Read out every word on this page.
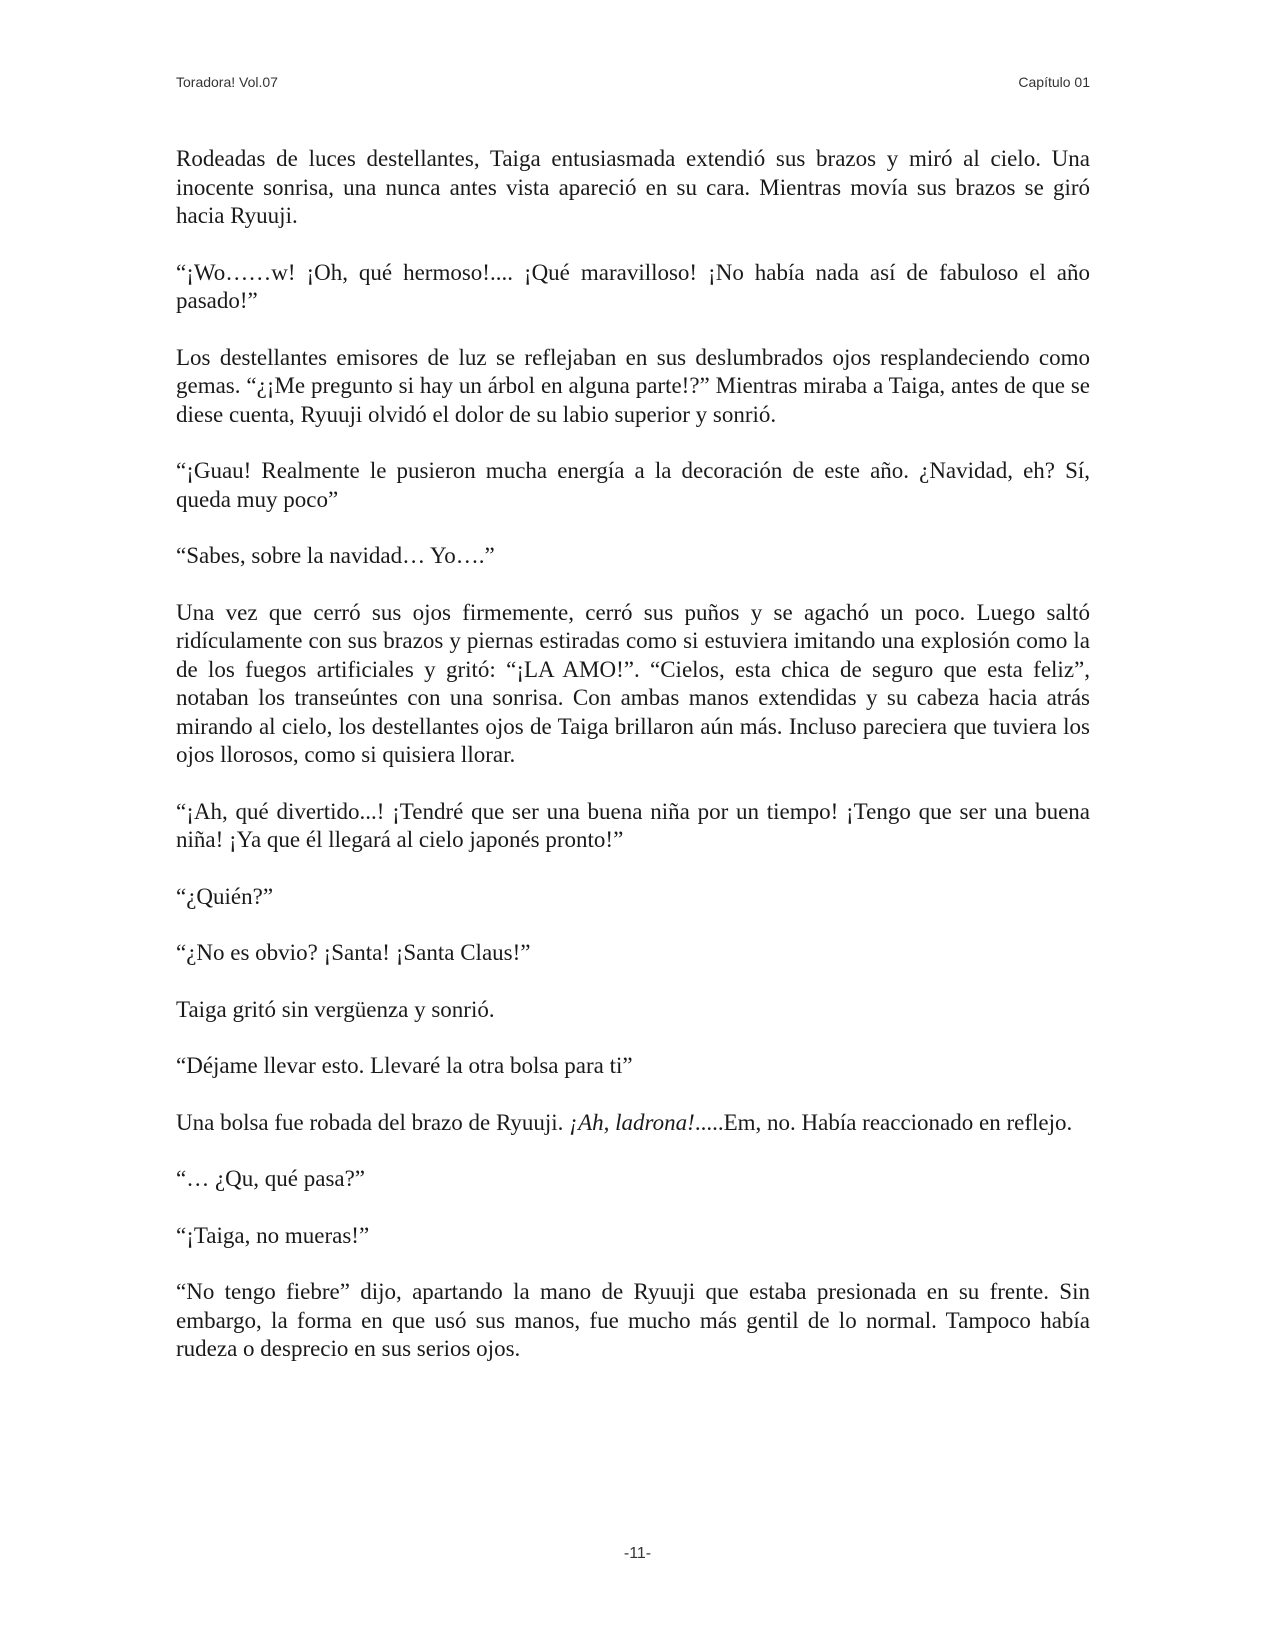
Toradora! Vol.07	Capítulo 01

Rodeadas de luces destellantes, Taiga entusiasmada extendió sus brazos y miró al cielo. Una inocente sonrisa, una nunca antes vista apareció en su cara. Mientras movía sus brazos se giró hacia Ryuuji.

“¡Wo……w! ¡Oh, qué hermoso!.... ¡Qué maravilloso! ¡No había nada así de fabuloso el año pasado!”

Los destellantes emisores de luz se reflejaban en sus deslumbrados ojos resplandeciendo como gemas. “¿¡Me pregunto si hay un árbol en alguna parte!?” Mientras miraba a Taiga, antes de que se diese cuenta, Ryuuji olvidó el dolor de su labio superior y sonrió.

“¡Guau! Realmente le pusieron mucha energía a la decoración de este año. ¿Navidad, eh? Sí, queda muy poco”

“Sabes, sobre la navidad… Yo….”

Una vez que cerró sus ojos firmemente, cerró sus puños y se agachó un poco. Luego saltó ridículamente con sus brazos y piernas estiradas como si estuviera imitando una explosión como la de los fuegos artificiales y gritó: “¡LA AMO!”. “Cielos, esta chica de seguro que esta feliz”, notaban los transeúntes con una sonrisa. Con ambas manos extendidas y su cabeza hacia atrás mirando al cielo, los destellantes ojos de Taiga brillaron aún más. Incluso pareciera que tuviera los ojos llorosos, como si quisiera llorar.

“¡Ah, qué divertido...! ¡Tendré que ser una buena niña por un tiempo! ¡Tengo que ser una buena niña! ¡Ya que él llegará al cielo japonés pronto!”

“¿Quién?”

“¿No es obvio? ¡Santa! ¡Santa Claus!”

Taiga gritó sin vergüenza y sonrió.

“Déjame llevar esto. Llevaré la otra bolsa para ti”

Una bolsa fue robada del brazo de Ryuuji. ¡Ah, ladrona!.....Em, no. Había reaccionado en reflejo.

“… ¿Qu, qué pasa?”

“¡Taiga, no mueras!”

“No tengo fiebre” dijo, apartando la mano de Ryuuji que estaba presionada en su frente. Sin embargo, la forma en que usó sus manos, fue mucho más gentil de lo normal. Tampoco había rudeza o desprecio en sus serios ojos.

-11-
